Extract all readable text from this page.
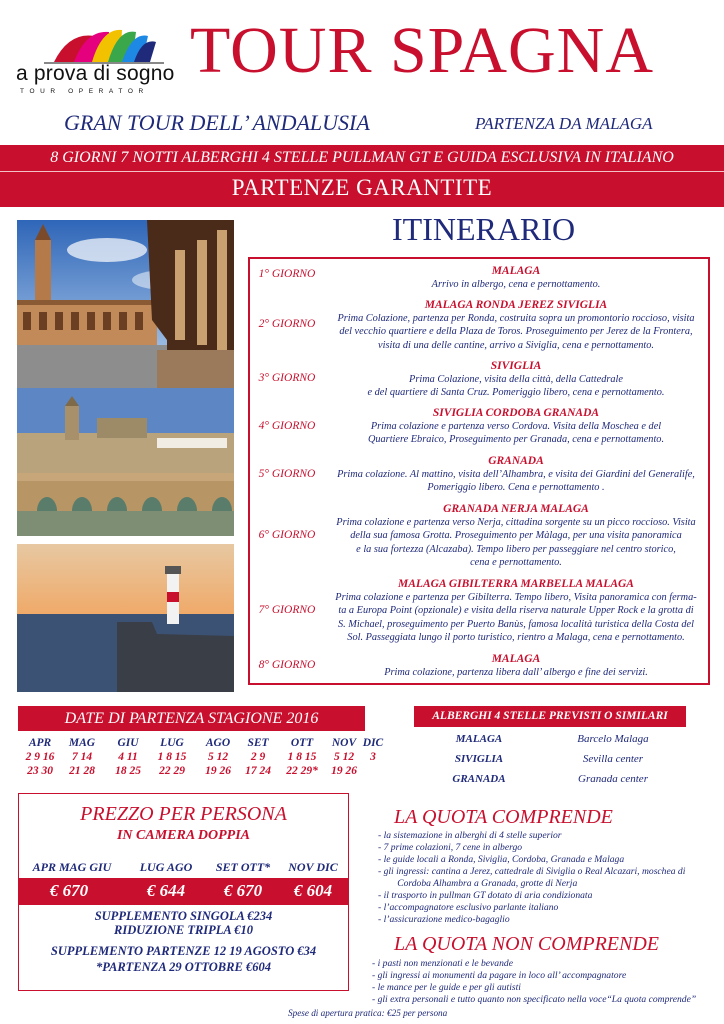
a prova di sogno
TOUR OPERATOR
TOUR SPAGNA
GRAN TOUR DELL’ ANDALUSIA	PARTENZA DA MALAGA
8 GIORNI 7 NOTTI ALBERGHI 4 STELLE PULLMAN GT E GUIDA ESCLUSIVA IN ITALIANO
PARTENZE GARANTITE
ITINERARIO
1° GIORNO	MALAGA
Arrivo in albergo, cena e pernottamento.
2° GIORNO
MALAGA RONDA JEREZ SIVIGLIA
Prima Colazione, partenza per Ronda, costruita sopra un promontorio roccioso, visita
del vecchio quartiere e della Plaza de Toros. Proseguimento per Jerez de la Frontera,
visita di una delle cantine, arrivo a Siviglia, cena e pernottamento.
3° GIORNO
SIVIGLIA
Prima Colazione, visita della città, della Cattedrale
e del quartiere di Santa Cruz. Pomeriggio libero, cena e pernottamento.
4° GIORNO
SIVIGLIA CORDOBA GRANADA
Prima colazione e partenza verso Cordova. Visita della Moschea e del
Quartiere Ebraico, Proseguimento per Granada, cena e pernottamento.
5° GIORNO
GRANADA
Prima colazione. Al mattino, visita dell’Alhambra, e visita dei Giardini del Generalife,
Pomeriggio libero. Cena e pernottamento .
6° GIORNO
GRANADA NERJA MALAGA
Prima colazione e partenza verso Nerja, cittadina sorgente su un picco roccioso. Visita
della sua famosa Grotta. Proseguimento per Màlaga, per una visita panoramica
e la sua fortezza (Alcazaba). Tempo libero per passeggiare nel centro storico,
cena e pernottamento.
7° GIORNO
MALAGA GIBILTERRA MARBELLA MALAGA
Prima colazione e partenza per Gibilterra. Tempo libero, Visita panoramica con ferma-
ta a Europa Point (opzionale) e visita della riserva naturale Upper Rock e la grotta di
S. Michael, proseguimento per Puerto Banùs, famosa località turistica della Costa del
Sol. Passeggiata lungo il porto turistico, rientro a Malaga, cena e pernottamento.
8° GIORNO	MALAGA
Prima colazione, partenza libera dall’ albergo e fine dei servizi.
DATE DI PARTENZA STAGIONE 2016
APR
2 9 16
23 30
MAG
7 14
21 28
GIU
4 11
18 25
LUG
1 8 15
22 29
AGO
5 12
19 26
SET
2 9
17 24
OTT
1 8 15
22 29*
NOV
5 12
19 26
DIC
3
ALBERGHI 4 STELLE PREVISTI O SIMILARI
MALAGA	Barcelo Malaga
SIVIGLIA	Sevilla center
GRANADA	Granada center
PREZZO PER PERSONA
IN CAMERA DOPPIA
APR MAG GIU	LUG AGO	SET OTT*	NOV DIC
€ 670	€ 644	€ 670	€ 604
SUPPLEMENTO SINGOLA €234
RIDUZIONE TRIPLA €10
SUPPLEMENTO PARTENZE 12 19 AGOSTO €34
*PARTENZA 29 OTTOBRE €604
LA QUOTA COMPRENDE
- la sistemazione in alberghi di 4 stelle superior
- 7 prime colazioni, 7 cene in albergo
- le guide locali a Ronda, Siviglia, Cordoba, Granada e Malaga
- gli ingressi: cantina a Jerez, cattedrale di Siviglia o Real Alcazari, moschea di
Cordoba Alhambra a Granada, grotte di Nerja
- il trasporto in pullman GT dotato di aria condizionata
- l’accompagnatore esclusivo parlante italiano
- l’assicurazione medico-bagaglio
LA QUOTA NON COMPRENDE
- i pasti non menzionati e le bevande
- gli ingressi ai monumenti da pagare in loco all’ accompagnatore
- le mance per le guide e per gli autisti
- gli extra personali e tutto quanto non specificato nella voce“La quota comprende”
Spese di apertura pratica: €25 per persona
